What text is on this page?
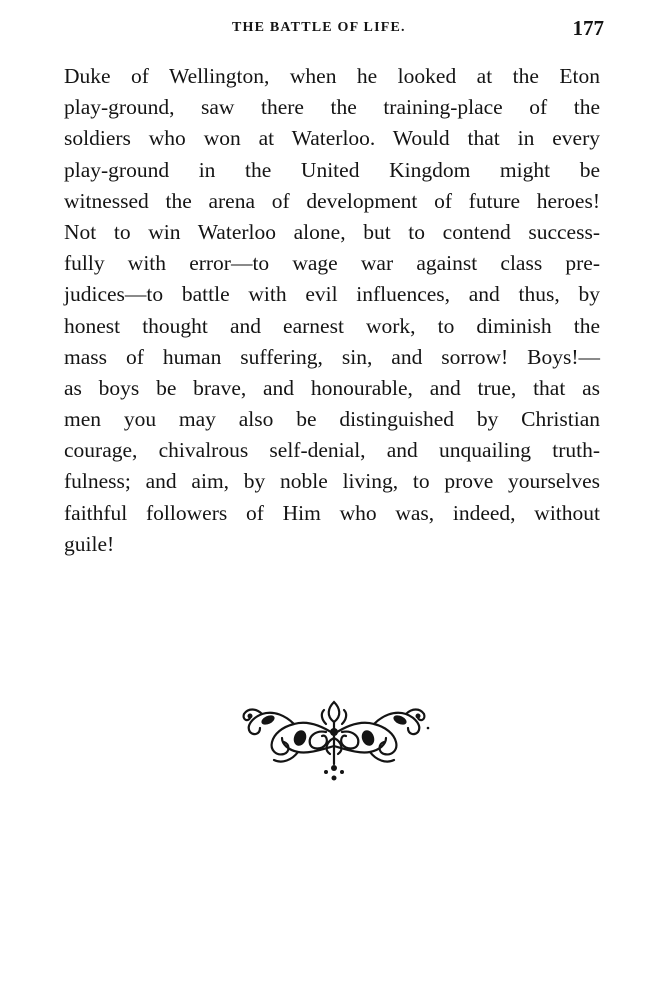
THE BATTLE OF LIFE.	177
Duke of Wellington, when he looked at the Eton
play-ground, saw there the training-place of the
soldiers who won at Waterloo. Would that in every
play-ground in the United Kingdom might be
witnessed the arena of development of future heroes!
Not to win Waterloo alone, but to contend success-
fully with error—to wage war against class pre-
judices—to battle with evil influences, and thus, by
honest thought and earnest work, to diminish the
mass of human suffering, sin, and sorrow! Boys!—
as boys be brave, and honourable, and true, that as
men you may also be distinguished by Christian
courage, chivalrous self-denial, and unquailing truth-
fulness; and aim, by noble living, to prove yourselves
faithful followers of Him who was, indeed, without
guile!
